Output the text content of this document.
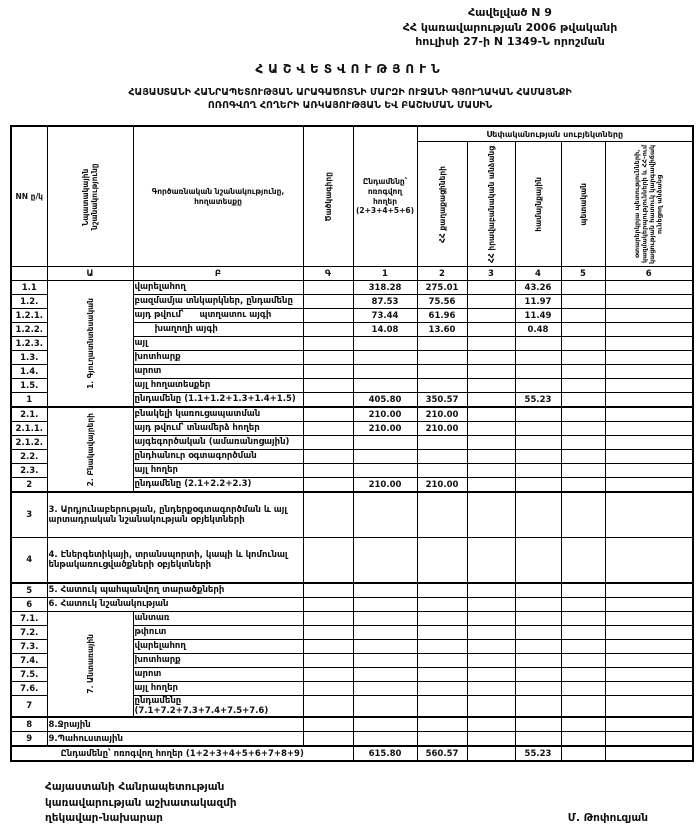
Հավելված N 9
ՀՀ կառավարության 2006 թվականի
հուլիսի 27-ի N 1349-Ն որոշման
ՀԱՇՎԵՏՎՈՒԹՅՈՒՆ
ՀԱՅԱՍՏԱՆԻ ՀԱՆՐԱՊԵՏՈՒԹՅԱՆ ԱՐԱԳԱԾՈՏՆԻ ՄԱՐԶԻ ՈՒՋԱՆԻ ԳՅՈՒՂԱԿԱՆ ՀԱՄԱՅՆՔԻ
ՈՌՈԳՎՈՂ ՀՈՂԵՐԻ ԱՌԿԱՅՈՒԹՅԱՆ ԵՎ ԲԱՇԽՄԱՆ ՄԱՍԻՆ
NN ը/կ	Նպատակային նշանակությունը	Գործառնական նշանակությունը, հողատեսքը	Ծածկագիրը	Ընդամենը՝ ոռոգվող հողեր (2+3+4+5+6)	Սեփականության սուբյեկտները				

					ՀՀ քաղաքացիների	ՀՀ իրավաբանական անձանց	համայնքային	պետական	օտարերկրյա պետությունների, կազմակերպությունների և ՀՀ-ում կացության հատուկ կարգավիճակ ունեցող անձանց

	Ա	Բ	Գ	1	2	3	4	5	6
1.1	1. Գյուղատնտեսական	վարելահող		318.28	275.01		43.26		
1.2.		բազմամյա տնկարկներ, ընդամենը		87.53	75.56		11.97		
1.2.1.		այդ թվում՝ պտղատու այգի		73.44	61.96		11.49		
1.2.2.		խաղողի այգի		14.08	13.60		0.48		
1.2.3.		այլ							
1.3.		խոտհարք							
1.4.		արոտ							
1.5.		այլ հողատեսքեր							
1		ընդամենը (1.1+1.2+1.3+1.4+1.5)		405.80	350.57		55.23		
2.1.	2. Բնակավայրերի	բնակելի կառուցապատման		210.00	210.00				
2.1.1.		այդ թվում՝ տնամերձ հողեր		210.00	210.00				
2.1.2.		այգեգործական (ամառանոցային)							
2.2.		ընդհանուր օգտագործման							
2.3.		այլ հողեր							
2		ընդամենը (2.1+2.2+2.3)		210.00	210.00				
3	3. Արդյունաբերության, ընդերքօգտագործման և այլ արտադրական նշանակության օբյեկտների								
4	4. Էներգետիկայի, տրանսպորտի, կապի և կոմունալ ենթակառուցվածքների օբյեկտների								
5	5. Հատուկ պահպանվող տարածքների								
6	6. Հատուկ նշանակության								
7.1.	7. Անտառային	անտառ							
7.2.		թփուտ							
7.3.		վարելահող							
7.4.		խոտհարք							
7.5.		արոտ							
7.6.		այլ հողեր							
7		ընդամենը (7.1+7.2+7.3+7.4+7.5+7.6)							
8	8.Ջրային								
9	9.Պահուստային								
Ընդամենը՝ ոռոգվող հողեր (1+2+3+4+5+6+7+8+9)				615.80	560.57		55.23		
Հայաստանի Հանրապետության
կառավարության աշխատակազմի
ղեկավար-նախարար	Մ. Թոփուզյան
